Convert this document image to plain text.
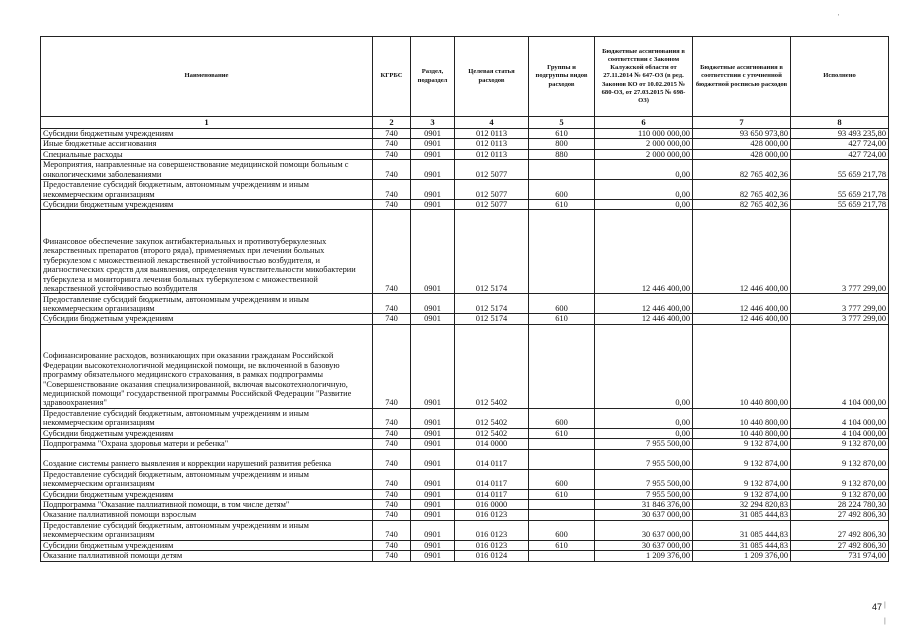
Наименование	КГРБС	Раздел, подраздел	Целевая статья расходов	Группы и подгруппы видов расходов	Бюджетные ассигнования в соответствии с Законом Калужской области от 27.11.2014 № 647-ОЗ (в ред. Законов КО от 10.02.2015 № 680-ОЗ, от 27.03.2015 № 698-ОЗ)	Бюджетные ассигнования в соответствии с уточненной бюджетной росписью расходов	Исполнено
1	2	3	4	5	6	7	8
Субсидии бюджетным учреждениям	740	0901	012 0113	610	110 000 000,00	93 650 973,80	93 493 235,80
Иные бюджетные ассигнования	740	0901	012 0113	800	2 000 000,00	428 000,00	427 724,00
Специальные расходы	740	0901	012 0113	880	2 000 000,00	428 000,00	427 724,00
Мероприятия, направленные на совершенствование медицинской помощи больным с онкологическими заболеваниями	740	0901	012 5077		0,00	82 765 402,36	55 659 217,78
Предоставление субсидий бюджетным, автономным учреждениям и иным некоммерческим организациям	740	0901	012 5077	600	0,00	82 765 402,36	55 659 217,78
Субсидии бюджетным учреждениям	740	0901	012 5077	610	0,00	82 765 402,36	55 659 217,78
Финансовое обеспечение закупок антибактериальных и противотуберкулезных лекарственных препаратов (второго ряда), применяемых при лечении больных туберкулезом с множественной лекарственной устойчивостью возбудителя, и диагностических средств для выявления, определения чувствительности микобактерии туберкулеза и мониторинга лечения больных туберкулезом с множественной лекарственной устойчивостью возбудителя	740	0901	012 5174		12 446 400,00	12 446 400,00	3 777 299,00
Предоставление субсидий бюджетным, автономным учреждениям и иным некоммерческим организациям	740	0901	012 5174	600	12 446 400,00	12 446 400,00	3 777 299,00
Субсидии бюджетным учреждениям	740	0901	012 5174	610	12 446 400,00	12 446 400,00	3 777 299,00
Софинансирование расходов, возникающих при оказании гражданам Российской Федерации высокотехнологичной медицинской помощи, не включенной в базовую программу обязательного медицинского страхования, в рамках подпрограммы "Совершенствование оказания специализированной, включая высокотехнологичную, медицинской помощи" государственной программы Российской Федерации "Развитие здравоохранения"	740	0901	012 5402		0,00	10 440 800,00	4 104 000,00
Предоставление субсидий бюджетным, автономным учреждениям и иным некоммерческим организациям	740	0901	012 5402	600	0,00	10 440 800,00	4 104 000,00
Субсидии бюджетным учреждениям	740	0901	012 5402	610	0,00	10 440 800,00	4 104 000,00
Подпрограмма "Охрана здоровья матери и ребенка"	740	0901	014 0000		7 955 500,00	9 132 874,00	9 132 870,00
Создание системы раннего выявления и коррекции нарушений развития ребенка	740	0901	014 0117		7 955 500,00	9 132 874,00	9 132 870,00
Предоставление субсидий бюджетным, автономным учреждениям и иным некоммерческим организациям	740	0901	014 0117	600	7 955 500,00	9 132 874,00	9 132 870,00
Субсидии бюджетным учреждениям	740	0901	014 0117	610	7 955 500,00	9 132 874,00	9 132 870,00
Подпрограмма "Оказание паллиативной помощи, в том числе детям"	740	0901	016 0000		31 846 376,00	32 294 820,83	28 224 780,30
Оказание паллиативной помощи взрослым	740	0901	016 0123		30 637 000,00	31 085 444,83	27 492 806,30
Предоставление субсидий бюджетным, автономным учреждениям и иным некоммерческим организациям	740	0901	016 0123	600	30 637 000,00	31 085 444,83	27 492 806,30
Субсидии бюджетным учреждениям	740	0901	016 0123	610	30 637 000,00	31 085 444,83	27 492 806,30
Оказание паллиативной помощи детям	740	0901	016 0124		1 209 376,00	1 209 376,00	731 974,00
47
'
|
|
